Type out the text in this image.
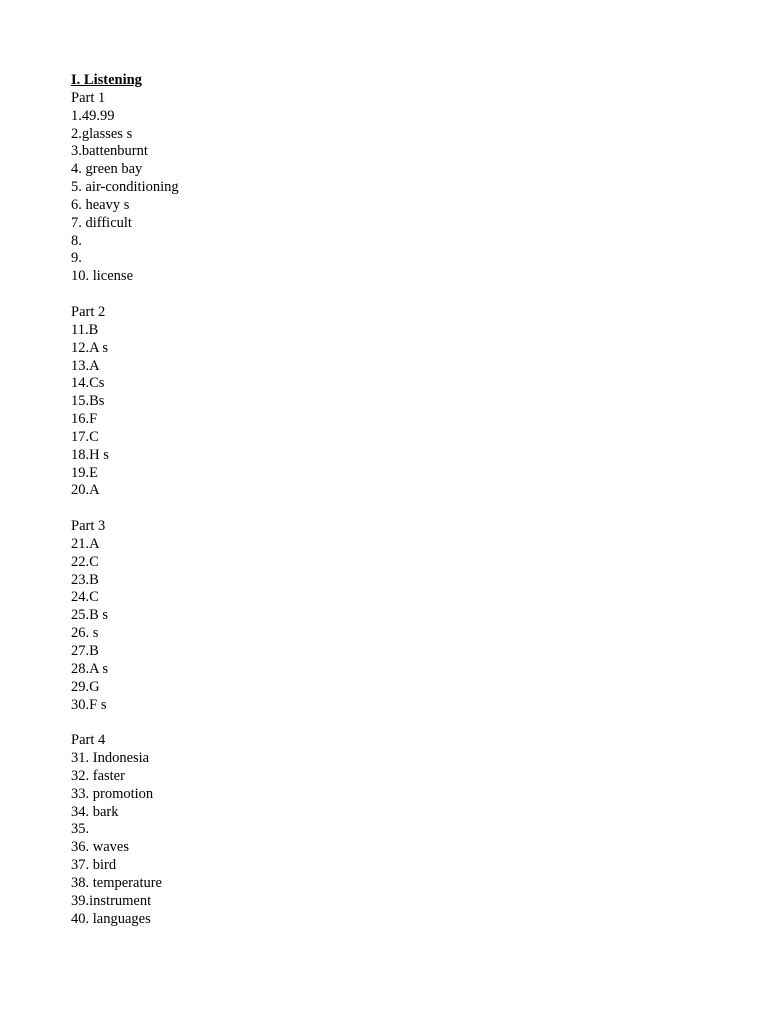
I. Listening
Part 1
1.49.99
2.glasses s
3.battenburnt
4. green bay
5. air-conditioning
6. heavy s
7. difficult
8.
9.
10. license
Part 2
11.B
12.A s
13.A
14.Cs
15.Bs
16.F
17.C
18.H s
19.E
20.A
Part 3
21.A
22.C
23.B
24.C
25.B s
26. s
27.B
28.A s
29.G
30.F s
Part 4
31. Indonesia
32. faster
33. promotion
34. bark
35.
36. waves
37. bird
38. temperature
39.instrument
40. languages
